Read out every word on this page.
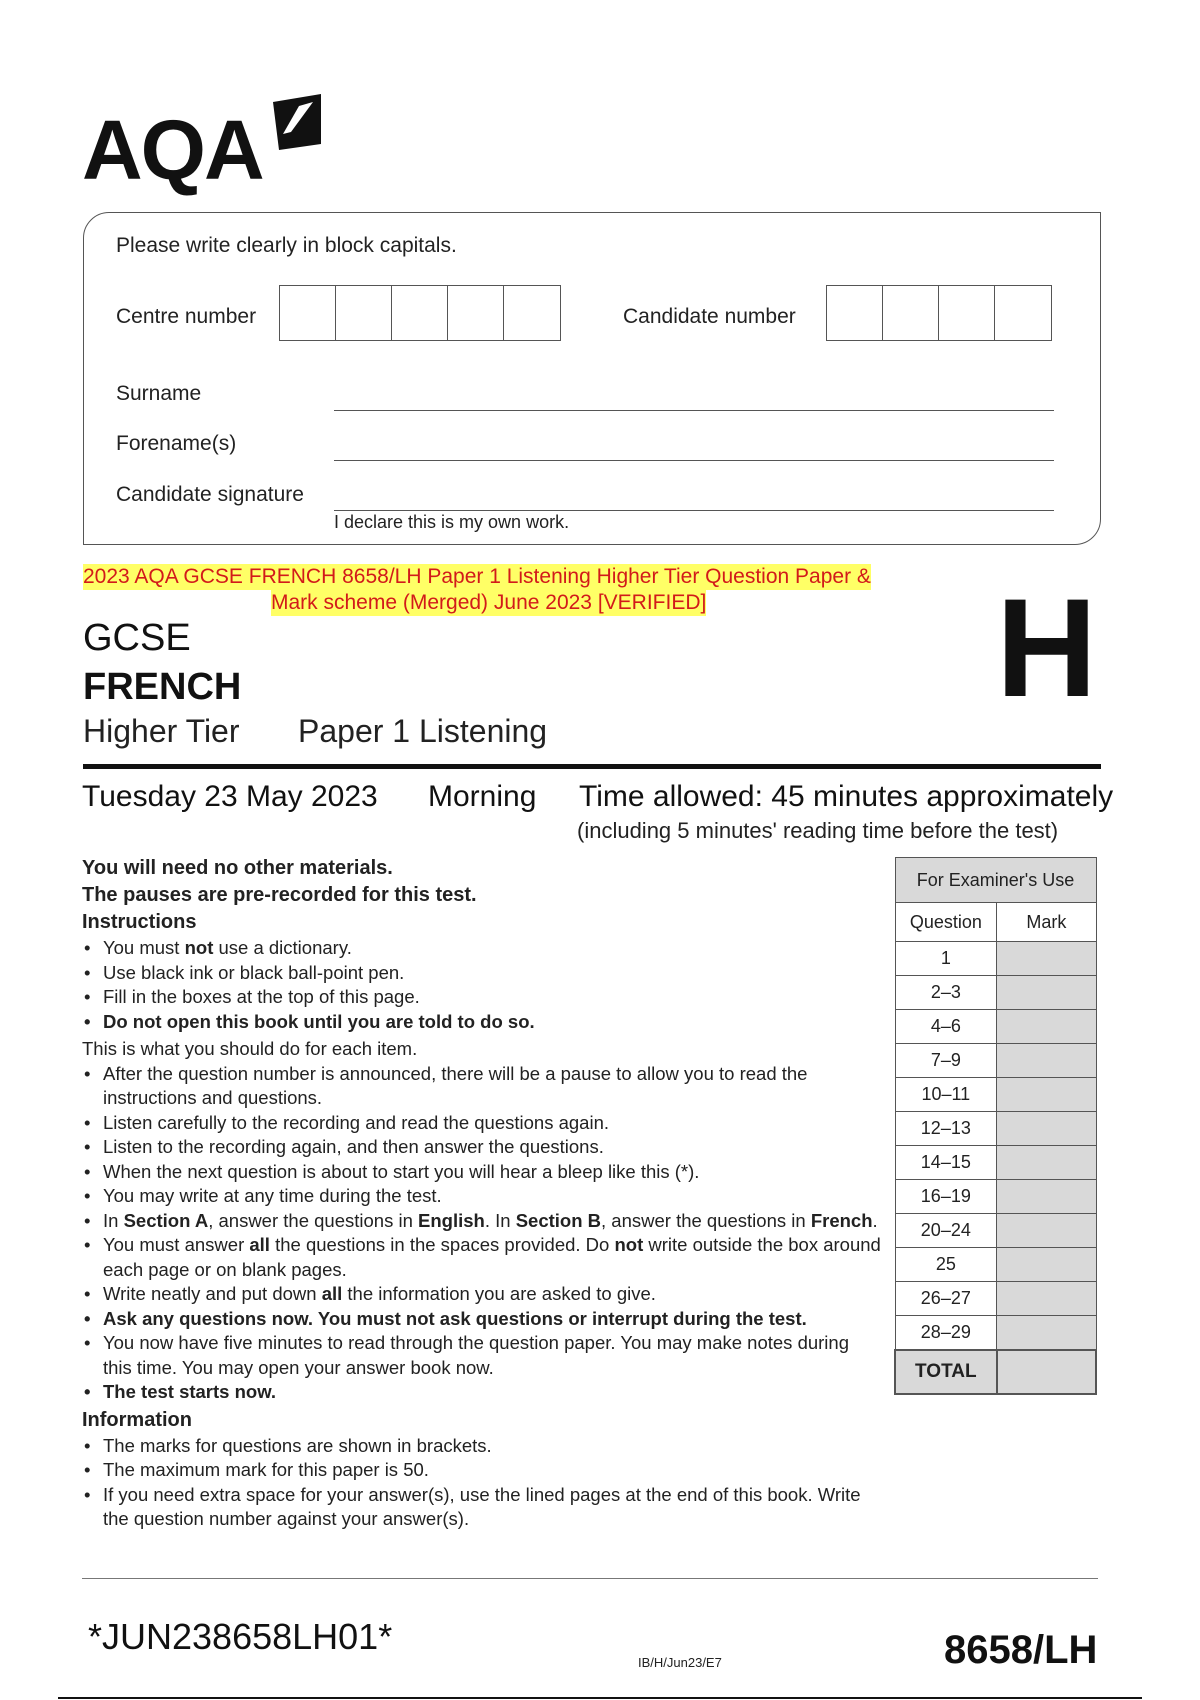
AQA
Please write clearly in block capitals.
Centre number	Candidate number
Surname
Forename(s)
Candidate signature
I declare this is my own work.
2023 AQA GCSE FRENCH 8658/LH Paper 1 Listening Higher Tier Question Paper &
Mark scheme (Merged) June 2023 [VERIFIED]
GCSE
FRENCH
Higher Tier Paper 1 Listening
H
Tuesday 23 May 2023 Morning Time allowed: 45 minutes approximately
(including 5 minutes' reading time before the test)
You will need no other materials.
The pauses are pre-recorded for this test.
Instructions
• You must not use a dictionary.
• Use black ink or black ball-point pen.
• Fill in the boxes at the top of this page.
• Do not open this book until you are told to do so.

This is what you should do for each item.

• After the question number is announced, there will be a pause to allow you to read the instructions and questions.
• Listen carefully to the recording and read the questions again.
• Listen to the recording again, and then answer the questions.
• When the next question is about to start you will hear a bleep like this (*).
• You may write at any time during the test.
• In Section A, answer the questions in English. In Section B, answer the questions in French.
• You must answer all the questions in the spaces provided. Do not write outside the box around each page or on blank pages.
• Write neatly and put down all the information you are asked to give.
• Ask any questions now. You must not ask questions or interrupt during the test.
• You now have five minutes to read through the question paper. You may make notes during this time. You may open your answer book now.
• The test starts now.
Information
• The marks for questions are shown in brackets.
• The maximum mark for this paper is 50.
• If you need extra space for your answer(s), use the lined pages at the end of this book. Write the question number against your answer(s).
For Examiner's Use	
Question	Mark
1	
2–3	
4–6	
7–9	
10–11	
12–13	
14–15	
16–19	
20–24	
25	
26–27	
28–29	
TOTAL	
*JUN238658LH01*
IB/H/Jun23/E7	8658/LH
